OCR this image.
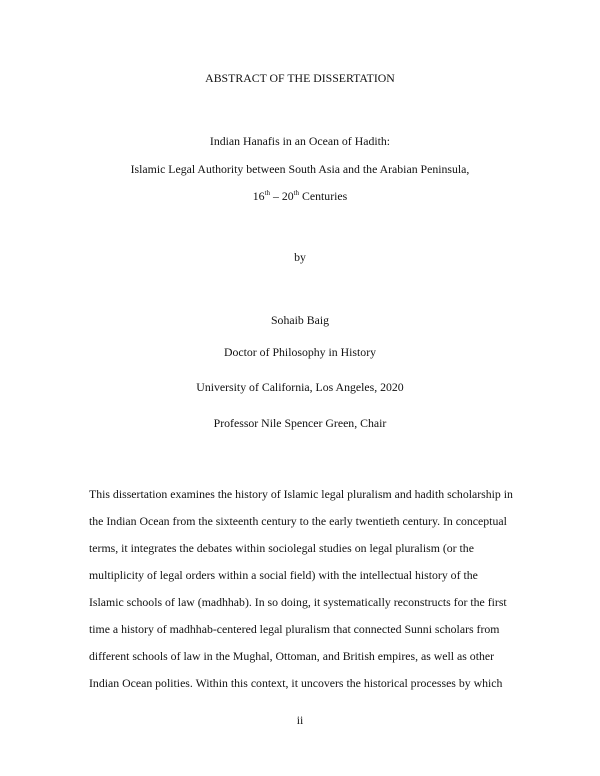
ABSTRACT OF THE DISSERTATION
Indian Hanafis in an Ocean of Hadith:
Islamic Legal Authority between South Asia and the Arabian Peninsula,
16th – 20th Centuries
by
Sohaib Baig
Doctor of Philosophy in History
University of California, Los Angeles, 2020
Professor Nile Spencer Green, Chair
This dissertation examines the history of Islamic legal pluralism and hadith scholarship in
the Indian Ocean from the sixteenth century to the early twentieth century. In conceptual
terms, it integrates the debates within sociolegal studies on legal pluralism (or the
multiplicity of legal orders within a social field) with the intellectual history of the
Islamic schools of law (madhhab). In so doing, it systematically reconstructs for the first
time a history of madhhab-centered legal pluralism that connected Sunni scholars from
different schools of law in the Mughal, Ottoman, and British empires, as well as other
Indian Ocean polities. Within this context, it uncovers the historical processes by which
ii
